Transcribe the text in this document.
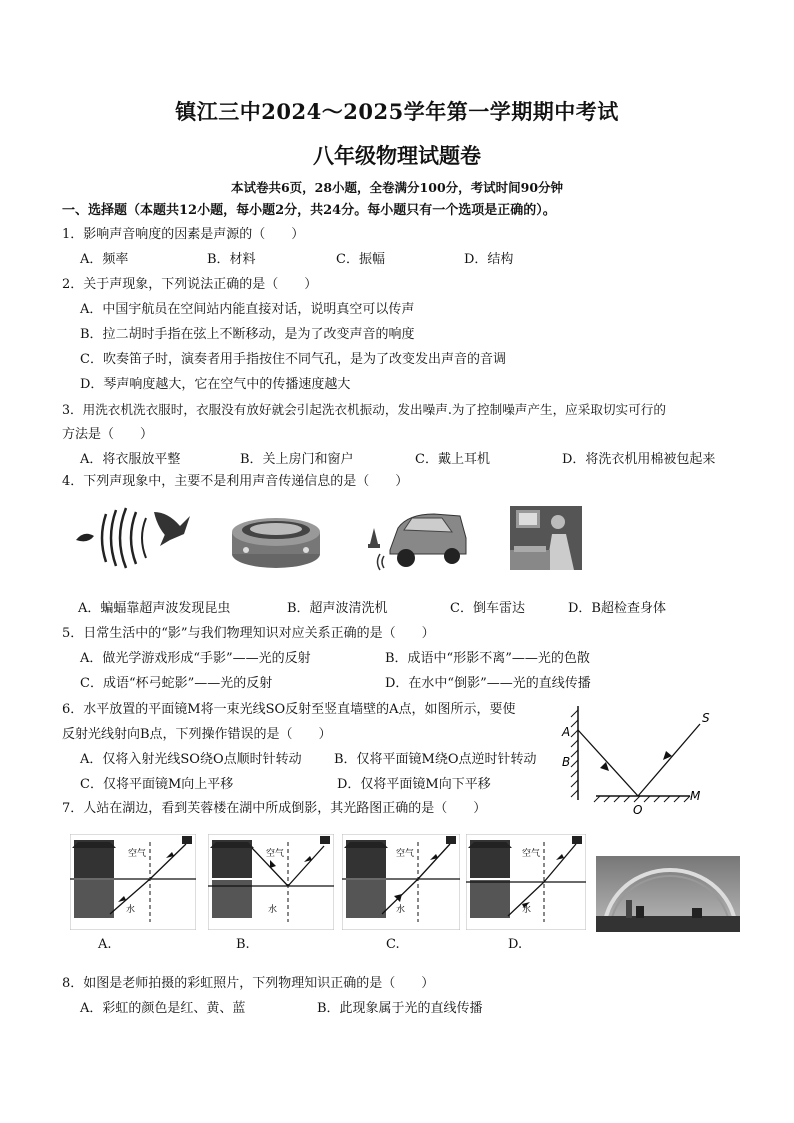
镇江三中2024～2025学年第一学期期中考试
八年级物理试题卷
本试卷共6页，28小题，全卷满分100分，考试时间90分钟
一、选择题（本题共12小题，每小题2分，共24分。每小题只有一个选项是正确的）。
1．影响声音响度的因素是声源的（　　）
A．频率	B．材料	C．振幅	D．结构
2．关于声现象，下列说法正确的是（　　）
A．中国宇航员在空间站内能直接对话，说明真空可以传声
B．拉二胡时手指在弦上不断移动，是为了改变声音的响度
C．吹奏笛子时，演奏者用手指按住不同气孔，是为了改变发出声音的音调
D．琴声响度越大，它在空气中的传播速度越大
3．用洗衣机洗衣服时，衣服没有放好就会引起洗衣机振动，发出噪声.为了控制噪声产生，应采取切实可行的
方法是（　　）
A．将衣服放平整	B．关上房门和窗户	C．戴上耳机	D．将洗衣机用棉被包起来
4．下列声现象中，主要不是利用声音传递信息的是（　　）
A．蝙蝠靠超声波发现昆虫	B．超声波清洗机	C．倒车雷达	D．B超检查身体
5．日常生活中的“影”与我们物理知识对应关系正确的是（　　）
A．做光学游戏形成“手影”——光的反射	B．成语中“形影不离”——光的色散
C．成语“杯弓蛇影”——光的反射	D．在水中“倒影”——光的直线传播
6．水平放置的平面镜M将一束光线SO反射至竖直墙壁的A点，如图所示，要使
反射光线射向B点，下列操作错误的是（　　）
A．仅将入射光线SO绕O点顺时针转动 B．仅将平面镜M绕O点逆时针转动
C．仅将平面镜M向上平移	D．仅将平面镜M向下平移
A
B
S
O
M
7．人站在湖边，看到芙蓉楼在湖中所成倒影，其光路图正确的是（　　）
空气
水
空气
水
空气
水
空气
水
A.	B.	C.	D.
8．如图是老师拍摄的彩虹照片，下列物理知识正确的是（　　）
A．彩虹的颜色是红、黄、蓝	B．此现象属于光的直线传播
